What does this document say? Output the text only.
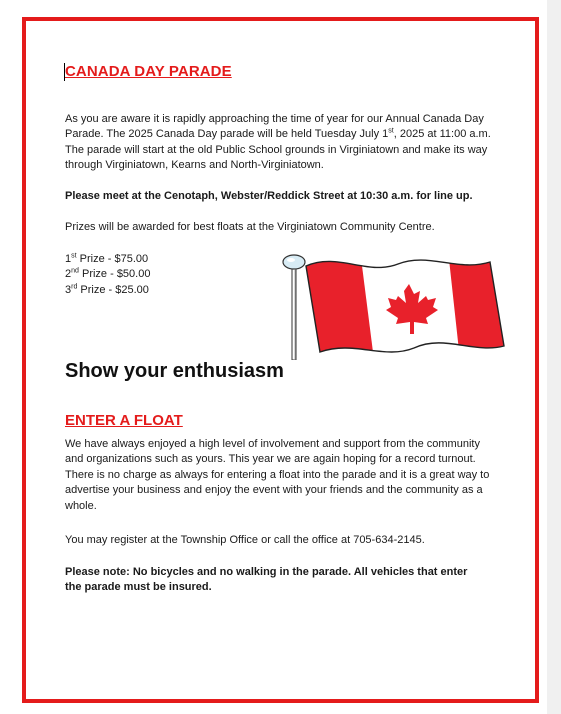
CANADA DAY PARADE

As you are aware it is rapidly approaching the time of year for our Annual Canada Day Parade. The 2025 Canada Day parade will be held Tuesday July 1st, 2025 at 11:00 a.m. The parade will start at the old Public School grounds in Virginiatown and make its way through Virginiatown, Kearns and North-Virginiatown.

Please meet at the Cenotaph, Webster/Reddick Street at 10:30 a.m. for line up.

Prizes will be awarded for best floats at the Virginiatown Community Centre.

1st Prize - $75.00
2nd Prize - $50.00
3rd Prize - $25.00
Show your enthusiasm
ENTER A FLOAT

We have always enjoyed a high level of involvement and support from the community and organizations such as yours. This year we are again hoping for a record turnout. There is no charge as always for entering a float into the parade and it is a great way to advertise your business and enjoy the event with your friends and the community as a whole.

You may register at the Township Office or call the office at 705-634-2145.

Please note: No bicycles and no walking in the parade. All vehicles that enter the parade must be insured.
